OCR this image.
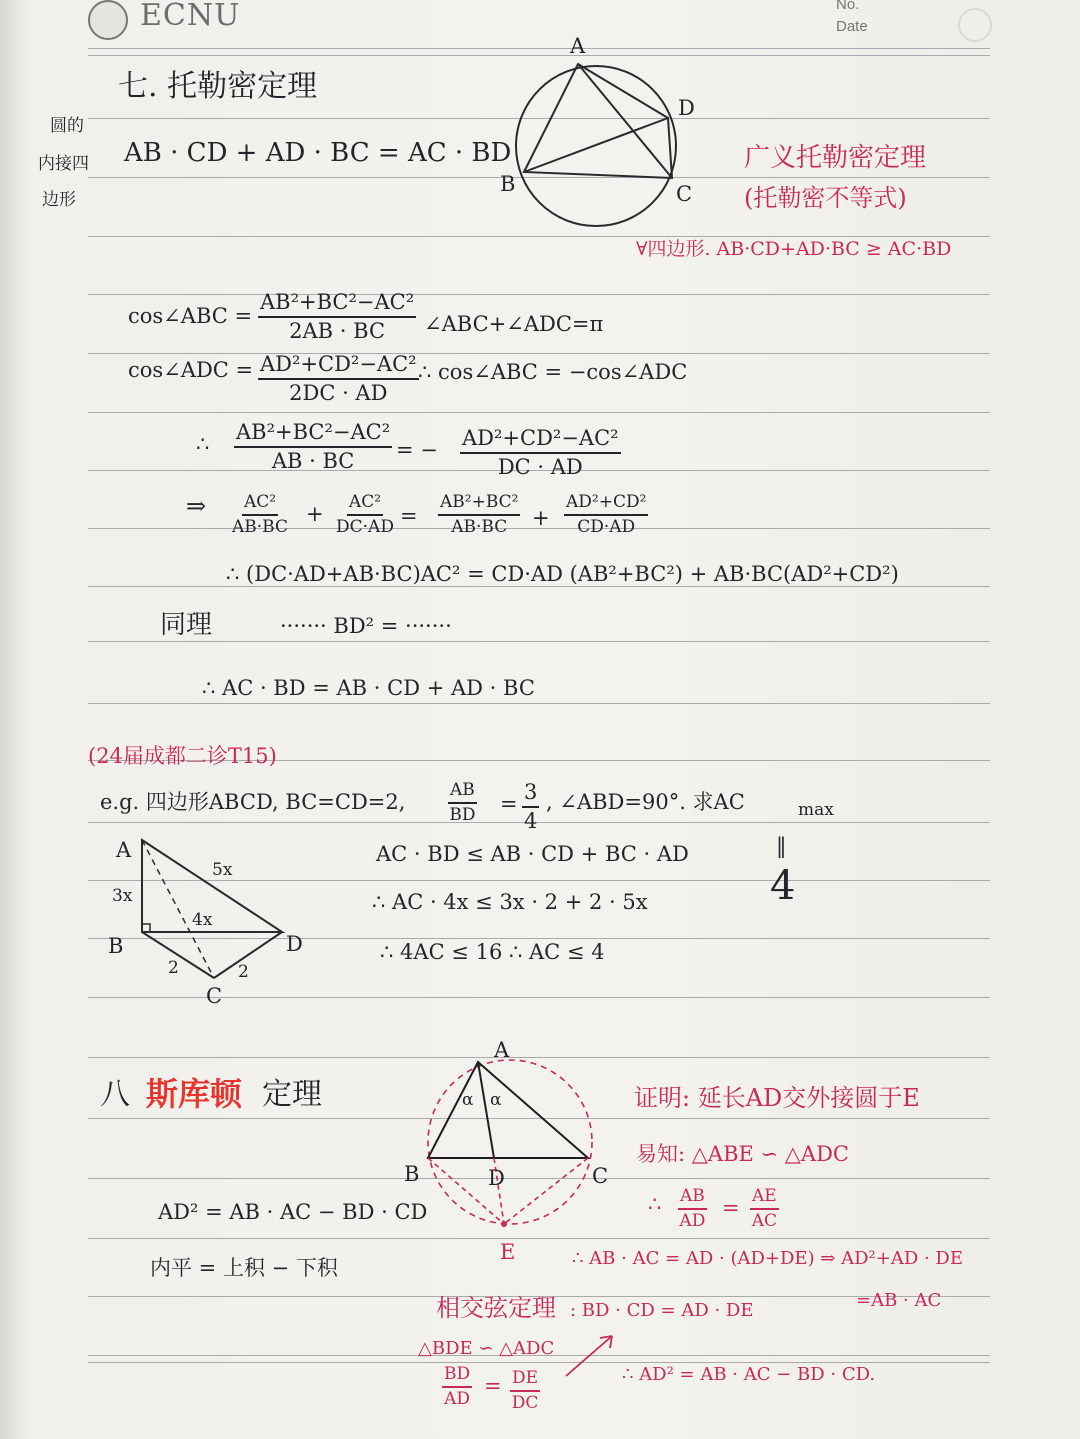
ECNU	No.
Date
七. 托勒密定理
圆的
内接四
边形
AB · CD + AD · BC = AC · BD	广义托勒密定理
(托勒密不等式)
∀四边形. AB·CD+AD·BC ≥ AC·BD
A
D
B	C
cos∠ABC = $\frac{\text{AB²+BC²−AC²}}{2AB \cdot BC}$ ∠ABC+∠ADC=π
cos∠ADC = $\frac{\text{AD²+CD²−AC²}}{2DC \cdot AD}$ ∴ cos∠ABC = −cos∠ADC
∴ $\frac{\text{AB²+BC²−AC²}}{AB \cdot BC}$ = − $\frac{\text{AD²+CD²−AC²}}{DC \cdot AD}$
⇒ $\frac{\text{AC²}}{AB\cdot BC} + \frac{\text{AC²}}{DC\cdot AD} = \frac{\text{AB²+BC²}}{AB\cdot BC} + \frac{\text{AD²+CD²}}{CD\cdot AD}$
∴ (DC·AD+AB·BC)AC² = CD·AD (AB²+BC²) + AB·BC(AD²+CD²)
同理	······· BD² = ·······
∴ AC · BD = AB · CD + AD · BC
(24届成都二诊T15)
e.g. 四边形ABCD, BC=CD=2,	$\frac{AB}{BD} = \frac{3}{4}$ , ∠ABD=90°. 求AC	max
AC · BD ≤ AB · CD + BC · AD
∴ AC · 4x ≤ 3x · 2 + 2 · 5x
∴ 4AC ≤ 16 ∴ AC ≤ 4
‖
4
A
B
C
D
3x
5x
4x
2	2
八 斯库顿 定理
AD² = AB · AC − BD · CD
内平 = 上积 − 下积
A
B	C
D
E
α α	证明: 延长AD交外接圆于E
易知: △ABE ∽ △ADC
∴ $\frac{AB}{AD} = \frac{AE}{AC}$
∴ AB · AC = AD · (AD+DE) ⇒ AD²+AD · DE
=AB · AC
相交弦定理 : BD · CD = AD · DE
△BDE ∽ △ADC
$\frac{BD}{AD} = \frac{DE}{DC}$	∴ AD² = AB · AC − BD · CD.
